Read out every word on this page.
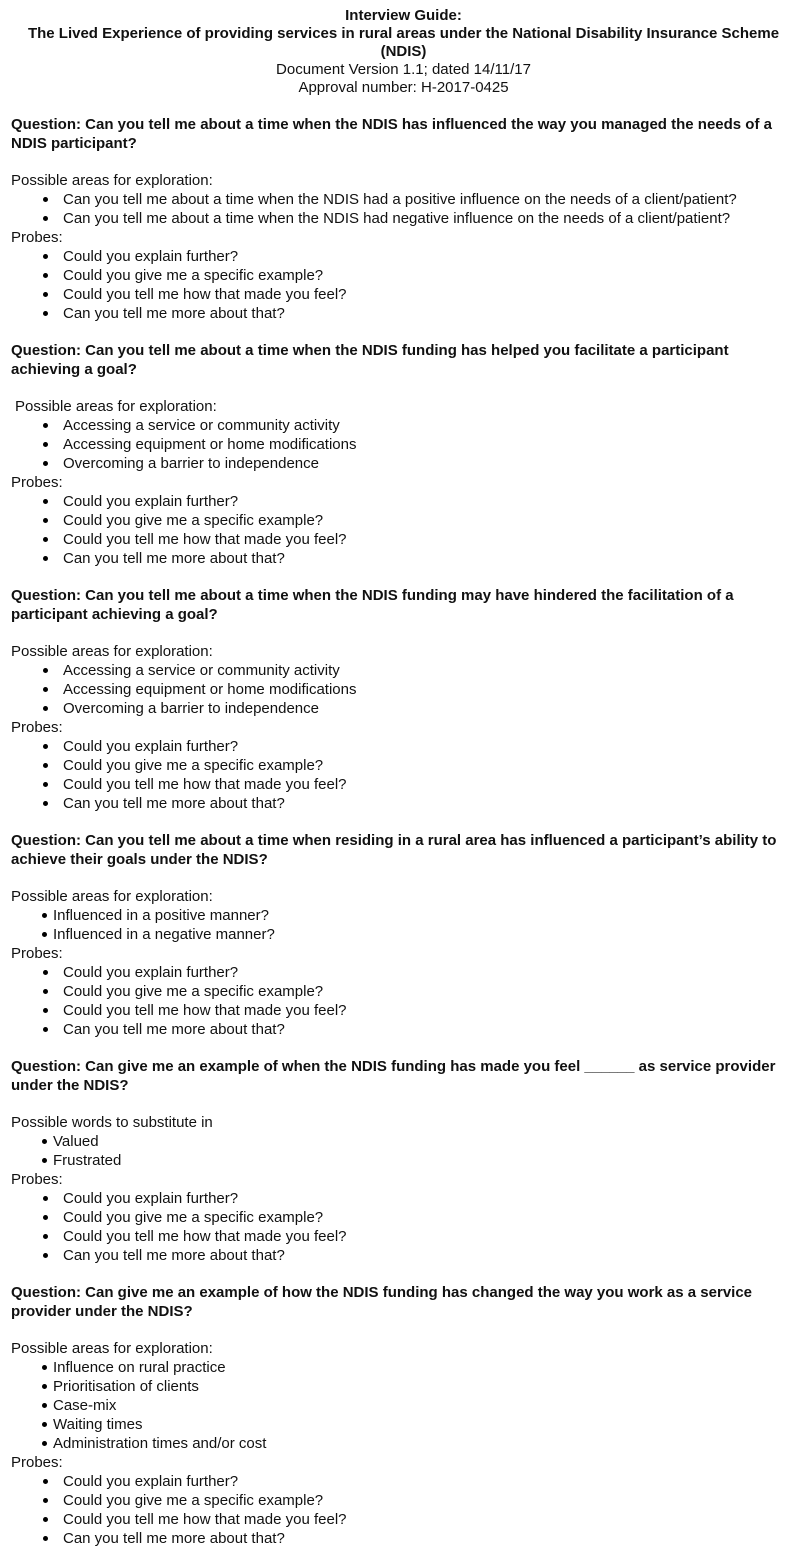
Interview Guide:
The Lived Experience of providing services in rural areas under the National Disability Insurance Scheme (NDIS)
Document Version 1.1; dated 14/11/17
Approval number: H-2017-0425
Question: Can you tell me about a time when the NDIS has influenced the way you managed the needs of a NDIS participant?
Possible areas for exploration:
Can you tell me about a time when the NDIS had a positive influence on the needs of a client/patient?
Can you tell me about a time when the NDIS had negative influence on the needs of a client/patient?
Probes:
Could you explain further?
Could you give me a specific example?
Could you tell me how that made you feel?
Can you tell me more about that?
Question: Can you tell me about a time when the NDIS funding has helped you facilitate a participant achieving a goal?
Possible areas for exploration:
Accessing a service or community activity
Accessing equipment or home modifications
Overcoming a barrier to independence
Probes:
Could you explain further?
Could you give me a specific example?
Could you tell me how that made you feel?
Can you tell me more about that?
Question: Can you tell me about a time when the NDIS funding may have hindered the facilitation of a participant achieving a goal?
Possible areas for exploration:
Accessing a service or community activity
Accessing equipment or home modifications
Overcoming a barrier to independence
Probes:
Could you explain further?
Could you give me a specific example?
Could you tell me how that made you feel?
Can you tell me more about that?
Question: Can you tell me about a time when residing in a rural area has influenced a participant’s ability to achieve their goals under the NDIS?
Possible areas for exploration:
Influenced in a positive manner?
Influenced in a negative manner?
Probes:
Could you explain further?
Could you give me a specific example?
Could you tell me how that made you feel?
Can you tell me more about that?
Question: Can give me an example of when the NDIS funding has made you feel ______ as service provider under the NDIS?
Possible words to substitute in
Valued
Frustrated
Probes:
Could you explain further?
Could you give me a specific example?
Could you tell me how that made you feel?
Can you tell me more about that?
Question: Can give me an example of how the NDIS funding has changed the way you work as a service provider under the NDIS?
Possible areas for exploration:
Influence on rural practice
Prioritisation of clients
Case-mix
Waiting times
Administration times and/or cost
Probes:
Could you explain further?
Could you give me a specific example?
Could you tell me how that made you feel?
Can you tell me more about that?
